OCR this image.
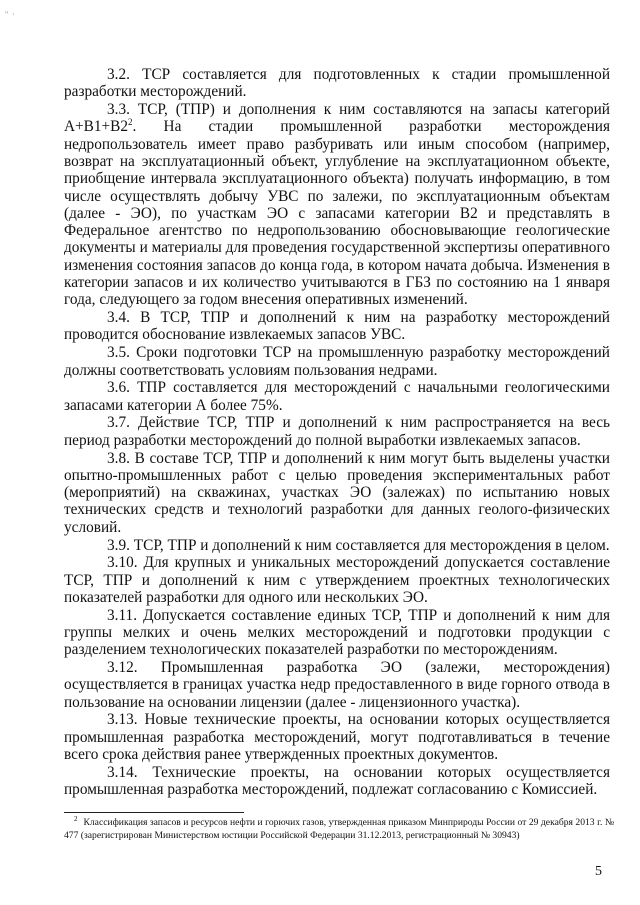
" ·

3.2. ТСР составляется для подготовленных к стадии промышленной разработки месторождений.

3.3. ТСР, (ТПР) и дополнения к ним составляются на запасы категорий $А+В1+В2^2$. На стадии промышленной разработки месторождения недропользователь имеет право разбуривать или иным способом (например, возврат на эксплуатационный объект, углубление на эксплуатационном объекте, приобщение интервала эксплуатационного объекта) получать информацию, в том числе осуществлять добычу УВС по залежи, по эксплуатационным объектам (далее - ЭО), по участкам ЭО с запасами категории В2 и представлять в Федеральное агентство по недропользованию обосновывающие геологические документы и материалы для проведения государственной экспертизы оперативного изменения состояния запасов до конца года, в котором начата добыча. Изменения в категории запасов и их количество учитываются в ГБЗ по состоянию на 1 января года, следующего за годом внесения оперативных изменений.

3.4. В ТСР, ТПР и дополнений к ним на разработку месторождений проводится обоснование извлекаемых запасов УВС.

3.5. Сроки подготовки ТСР на промышленную разработку месторождений должны соответствовать условиям пользования недрами.

3.6. ТПР составляется для месторождений с начальными геологическими запасами категории А более 75%.

3.7. Действие ТСР, ТПР и дополнений к ним распространяется на весь период разработки месторождений до полной выработки извлекаемых запасов.

3.8. В составе ТСР, ТПР и дополнений к ним могут быть выделены участки опытно-промышленных работ с целью проведения экспериментальных работ (мероприятий) на скважинах, участках ЭО (залежах) по испытанию новых технических средств и технологий разработки для данных геолого-физических условий.

3.9. ТСР, ТПР и дополнений к ним составляется для месторождения в целом.

3.10. Для крупных и уникальных месторождений допускается составление ТСР, ТПР и дополнений к ним с утверждением проектных технологических показателей разработки для одного или нескольких ЭО.

3.11. Допускается составление единых ТСР, ТПР и дополнений к ним для группы мелких и очень мелких месторождений и подготовки продукции с разделением технологических показателей разработки по месторождениям.

3.12. Промышленная разработка ЭО (залежи, месторождения) осуществляется в границах участка недр предоставленного в виде горного отвода в пользование на основании лицензии (далее - лицензионного участка).

3.13. Новые технические проекты, на основании которых осуществляется промышленная разработка месторождений, могут подготавливаться в течение всего срока действия ранее утвержденных проектных документов.

3.14. Технические проекты, на основании которых осуществляется промышленная разработка месторождений, подлежат согласованию с Комиссией.

$^2$ Классификация запасов и ресурсов нефти и горючих газов, утвержденная приказом Минприроды России от 29 декабря 2013 г. № 477 (зарегистрирован Министерством юстиции Российской Федерации 31.12.2013, регистрационный № 30943)
5
